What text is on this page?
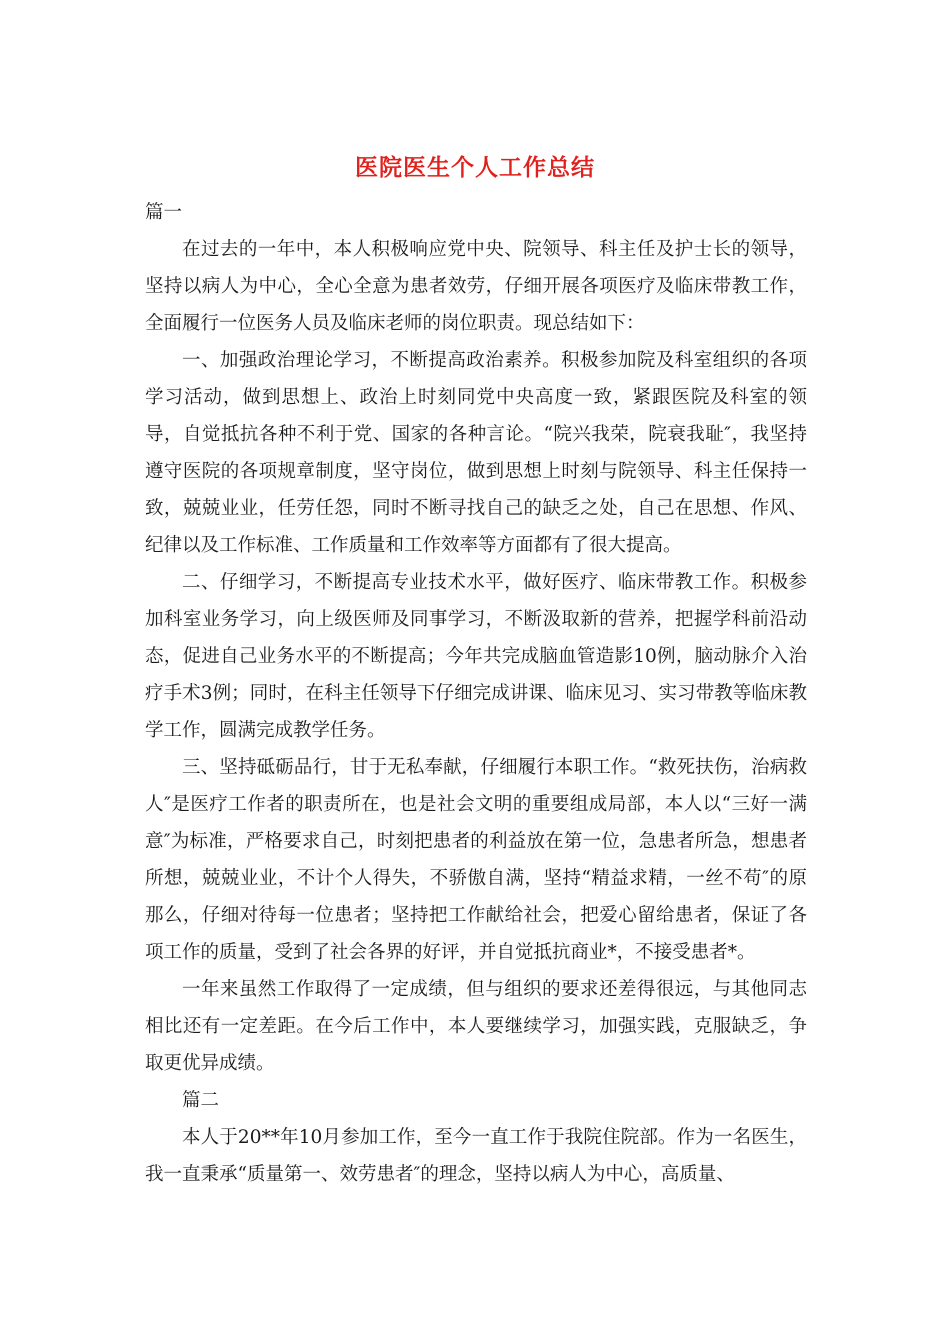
医院医生个人工作总结

篇一

在过去的一年中，本人积极响应党中央、院领导、科主任及护士长的领导，坚持以病人为中心，全心全意为患者效劳，仔细开展各项医疗及临床带教工作，全面履行一位医务人员及临床老师的岗位职责。现总结如下：

一、加强政治理论学习，不断提高政治素养。积极参加院及科室组织的各项学习活动，做到思想上、政治上时刻同党中央高度一致，紧跟医院及科室的领导，自觉抵抗各种不利于党、国家的各种言论。“院兴我荣，院衰我耻″，我坚持遵守医院的各项规章制度，坚守岗位，做到思想上时刻与院领导、科主任保持一致，兢兢业业，任劳任怨，同时不断寻找自己的缺乏之处，自己在思想、作风、纪律以及工作标准、工作质量和工作效率等方面都有了很大提高。

二、仔细学习，不断提高专业技术水平，做好医疗、临床带教工作。积极参加科室业务学习，向上级医师及同事学习，不断汲取新的营养，把握学科前沿动态，促进自己业务水平的不断提高；今年共完成脑血管造影10例，脑动脉介入治疗手术3例；同时，在科主任领导下仔细完成讲课、临床见习、实习带教等临床教学工作，圆满完成教学任务。

三、坚持砥砺品行，甘于无私奉献，仔细履行本职工作。“救死扶伤，治病救人″是医疗工作者的职责所在，也是社会文明的重要组成局部，本人以“三好一满意″为标准，严格要求自己，时刻把患者的利益放在第一位，急患者所急，想患者所想，兢兢业业，不计个人得失，不骄傲自满，坚持“精益求精，一丝不苟″的原那么，仔细对待每一位患者；坚持把工作献给社会，把爱心留给患者，保证了各项工作的质量，受到了社会各界的好评，并自觉抵抗商业*，不接受患者*。

一年来虽然工作取得了一定成绩，但与组织的要求还差得很远，与其他同志相比还有一定差距。在今后工作中，本人要继续学习，加强实践，克服缺乏，争取更优异成绩。

篇二

本人于20**年10月参加工作，至今一直工作于我院住院部。作为一名医生，我一直秉承“质量第一、效劳患者″的理念，坚持以病人为中心，高质量、
